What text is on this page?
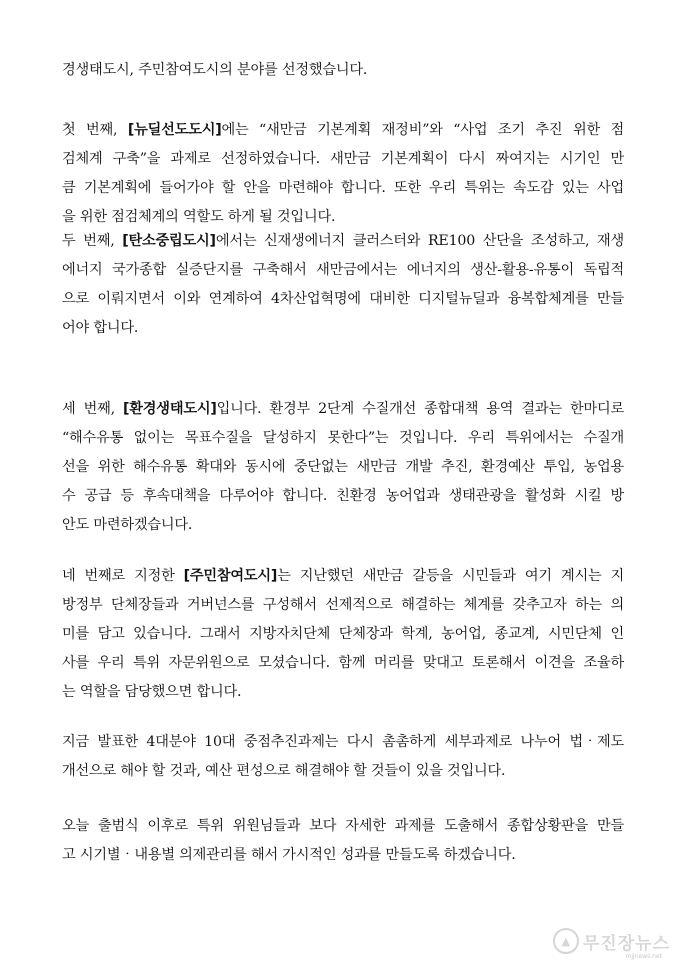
경생태도시, 주민참여도시의 분야를 선정했습니다.
첫 번째, [뉴딜선도도시]에는 “새만금 기본계획 재정비”와 “사업 조기 추진 위한 점
검체계 구축”을 과제로 선정하였습니다. 새만금 기본계획이 다시 짜여지는 시기인 만
큼 기본계획에 들어가야 할 안을 마련해야 합니다. 또한 우리 특위는 속도감 있는 사업
을 위한 점검체계의 역할도 하게 될 것입니다.
두 번째, [탄소중립도시]에서는 신재생에너지 클러스터와 RE100 산단을 조성하고, 재생
에너지 국가종합 실증단지를 구축해서 새만금에서는 에너지의 생산-활용-유통이 독립적
으로 이뤄지면서 이와 연계하여 4차산업혁명에 대비한 디지털뉴딜과 융복합체계를 만들
어야 합니다.
세 번째, [환경생태도시]입니다. 환경부 2단계 수질개선 종합대책 용역 결과는 한마디로
“해수유통 없이는 목표수질을 달성하지 못한다”는 것입니다. 우리 특위에서는 수질개
선을 위한 해수유통 확대와 동시에 중단없는 새만금 개발 추진, 환경예산 투입, 농업용
수 공급 등 후속대책을 다루어야 합니다. 친환경 농어업과 생태관광을 활성화 시킬 방
안도 마련하겠습니다.
네 번째로 지정한 [주민참여도시]는 지난했던 새만금 갈등을 시민들과 여기 계시는 지
방정부 단체장들과 거버넌스를 구성해서 선제적으로 해결하는 체계를 갖추고자 하는 의
미를 담고 있습니다. 그래서 지방자치단체 단체장과 학계, 농어업, 종교계, 시민단체 인
사를 우리 특위 자문위원으로 모셨습니다. 함께 머리를 맞대고 토론해서 이견을 조율하
는 역할을 담당했으면 합니다.
지금 발표한 4대분야 10대 중점추진과제는 다시 촘촘하게 세부과제로 나누어 법‧제도
개선으로 해야 할 것과, 예산 편성으로 해결해야 할 것들이 있을 것입니다.
오늘 출범식 이후로 특위 위원님들과 보다 자세한 과제를 도출해서 종합상황판을 만들
고 시기별‧내용별 의제관리를 해서 가시적인 성과를 만들도록 하겠습니다.
▲ 무진장뉴스
mjjnews.net
